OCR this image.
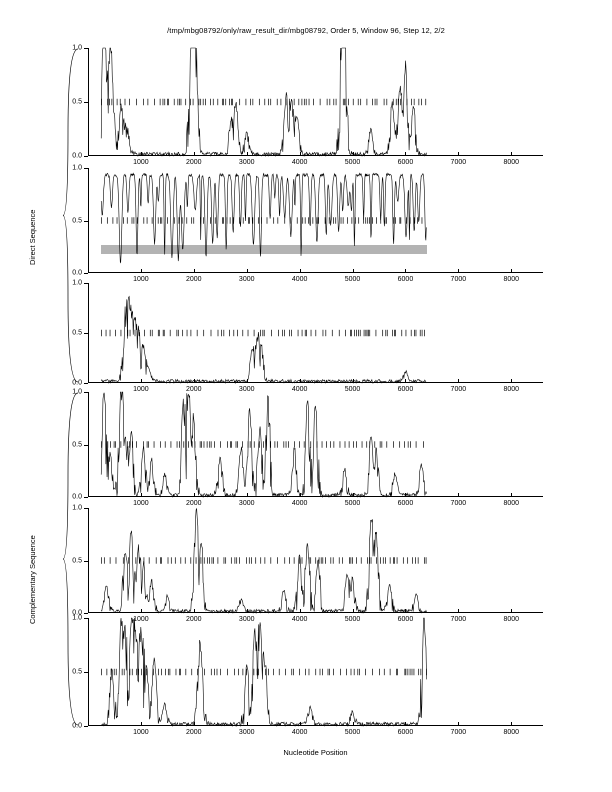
/tmp/mbg08792/only/raw_result_dir/mbg08792, Order 5, Window 96, Step 12, 2/2
Direct Sequence
Complementary Sequence
Nucleotide Position
0.0
0.5
1.0
1000	2000	3000	4000	5000	6000	7000	8000
0.0
0.5
1.0
1000	2000	3000	4000	5000	6000	7000	8000
0.0
0.5
1.0
1000	2000	3000	4000	5000	6000	7000	8000
0.0
0.5
1.0
1000	2000	3000	4000	5000	6000	7000	8000
0.0
0.5
1.0
1000	2000	3000	4000	5000	6000	7000	8000
0.0
0.5
1.0
1000	2000	3000	4000	5000	6000	7000	8000
